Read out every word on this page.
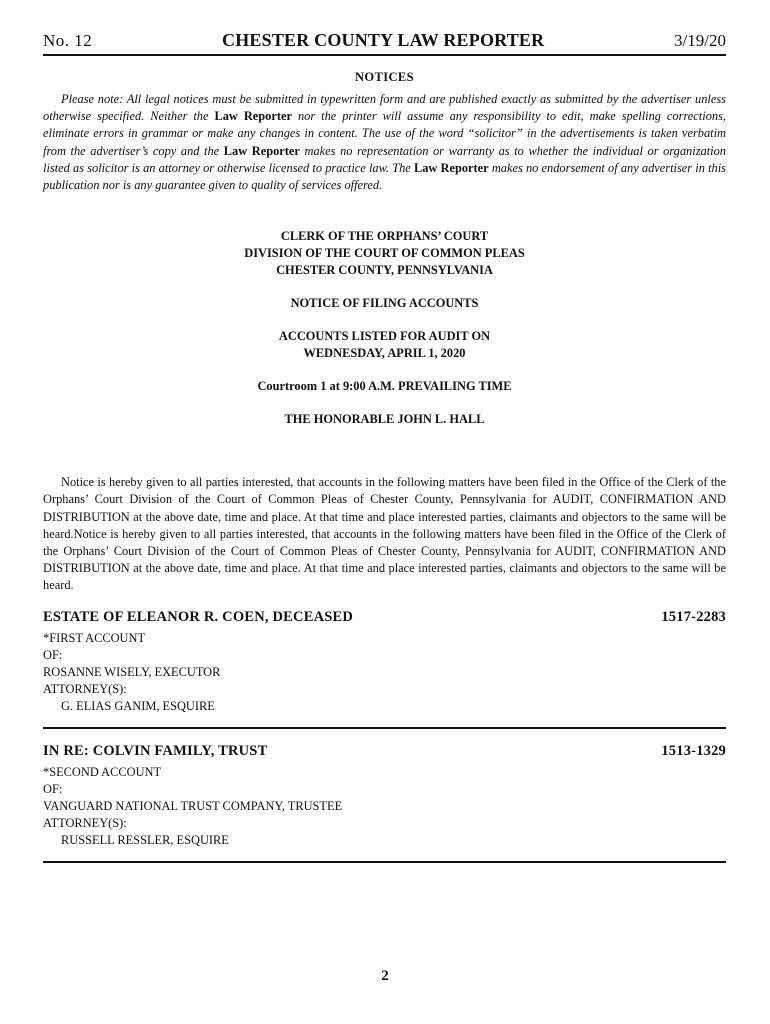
No. 12	CHESTER COUNTY LAW REPORTER	3/19/20
NOTICES
Please note: All legal notices must be submitted in typewritten form and are published exactly as submitted by the advertiser unless otherwise specified. Neither the Law Reporter nor the printer will assume any responsibility to edit, make spelling corrections, eliminate errors in grammar or make any changes in content. The use of the word “solicitor” in the advertisements is taken verbatim from the advertiser’s copy and the Law Reporter makes no representation or warranty as to whether the individual or organization listed as solicitor is an attorney or otherwise licensed to practice law. The Law Reporter makes no endorsement of any advertiser in this publication nor is any guarantee given to quality of services offered.
CLERK OF THE ORPHANS’ COURT
DIVISION OF THE COURT OF COMMON PLEAS
CHESTER COUNTY, PENNSYLVANIA
NOTICE OF FILING ACCOUNTS
ACCOUNTS LISTED FOR AUDIT ON
WEDNESDAY, APRIL 1, 2020
Courtroom 1 at 9:00 A.M. PREVAILING TIME
THE HONORABLE JOHN L. HALL
Notice is hereby given to all parties interested, that accounts in the following matters have been filed in the Office of the Clerk of the Orphans’ Court Division of the Court of Common Pleas of Chester County, Pennsylvania for AUDIT, CONFIRMATION AND DISTRIBUTION at the above date, time and place. At that time and place interested parties, claimants and objectors to the same will be heard.Notice is hereby given to all parties interested, that accounts in the following matters have been filed in the Office of the Clerk of the Orphans’ Court Division of the Court of Common Pleas of Chester County, Pennsylvania for AUDIT, CONFIRMATION AND DISTRIBUTION at the above date, time and place. At that time and place interested parties, claimants and objectors to the same will be heard.
ESTATE OF ELEANOR R. COEN, DECEASED	1517-2283
*FIRST ACCOUNT
OF:
ROSANNE WISELY, EXECUTOR
ATTORNEY(S):
G. ELIAS GANIM, ESQUIRE
IN RE: COLVIN FAMILY, TRUST	1513-1329
*SECOND ACCOUNT
OF:
VANGUARD NATIONAL TRUST COMPANY, TRUSTEE
ATTORNEY(S):
RUSSELL RESSLER, ESQUIRE
2
